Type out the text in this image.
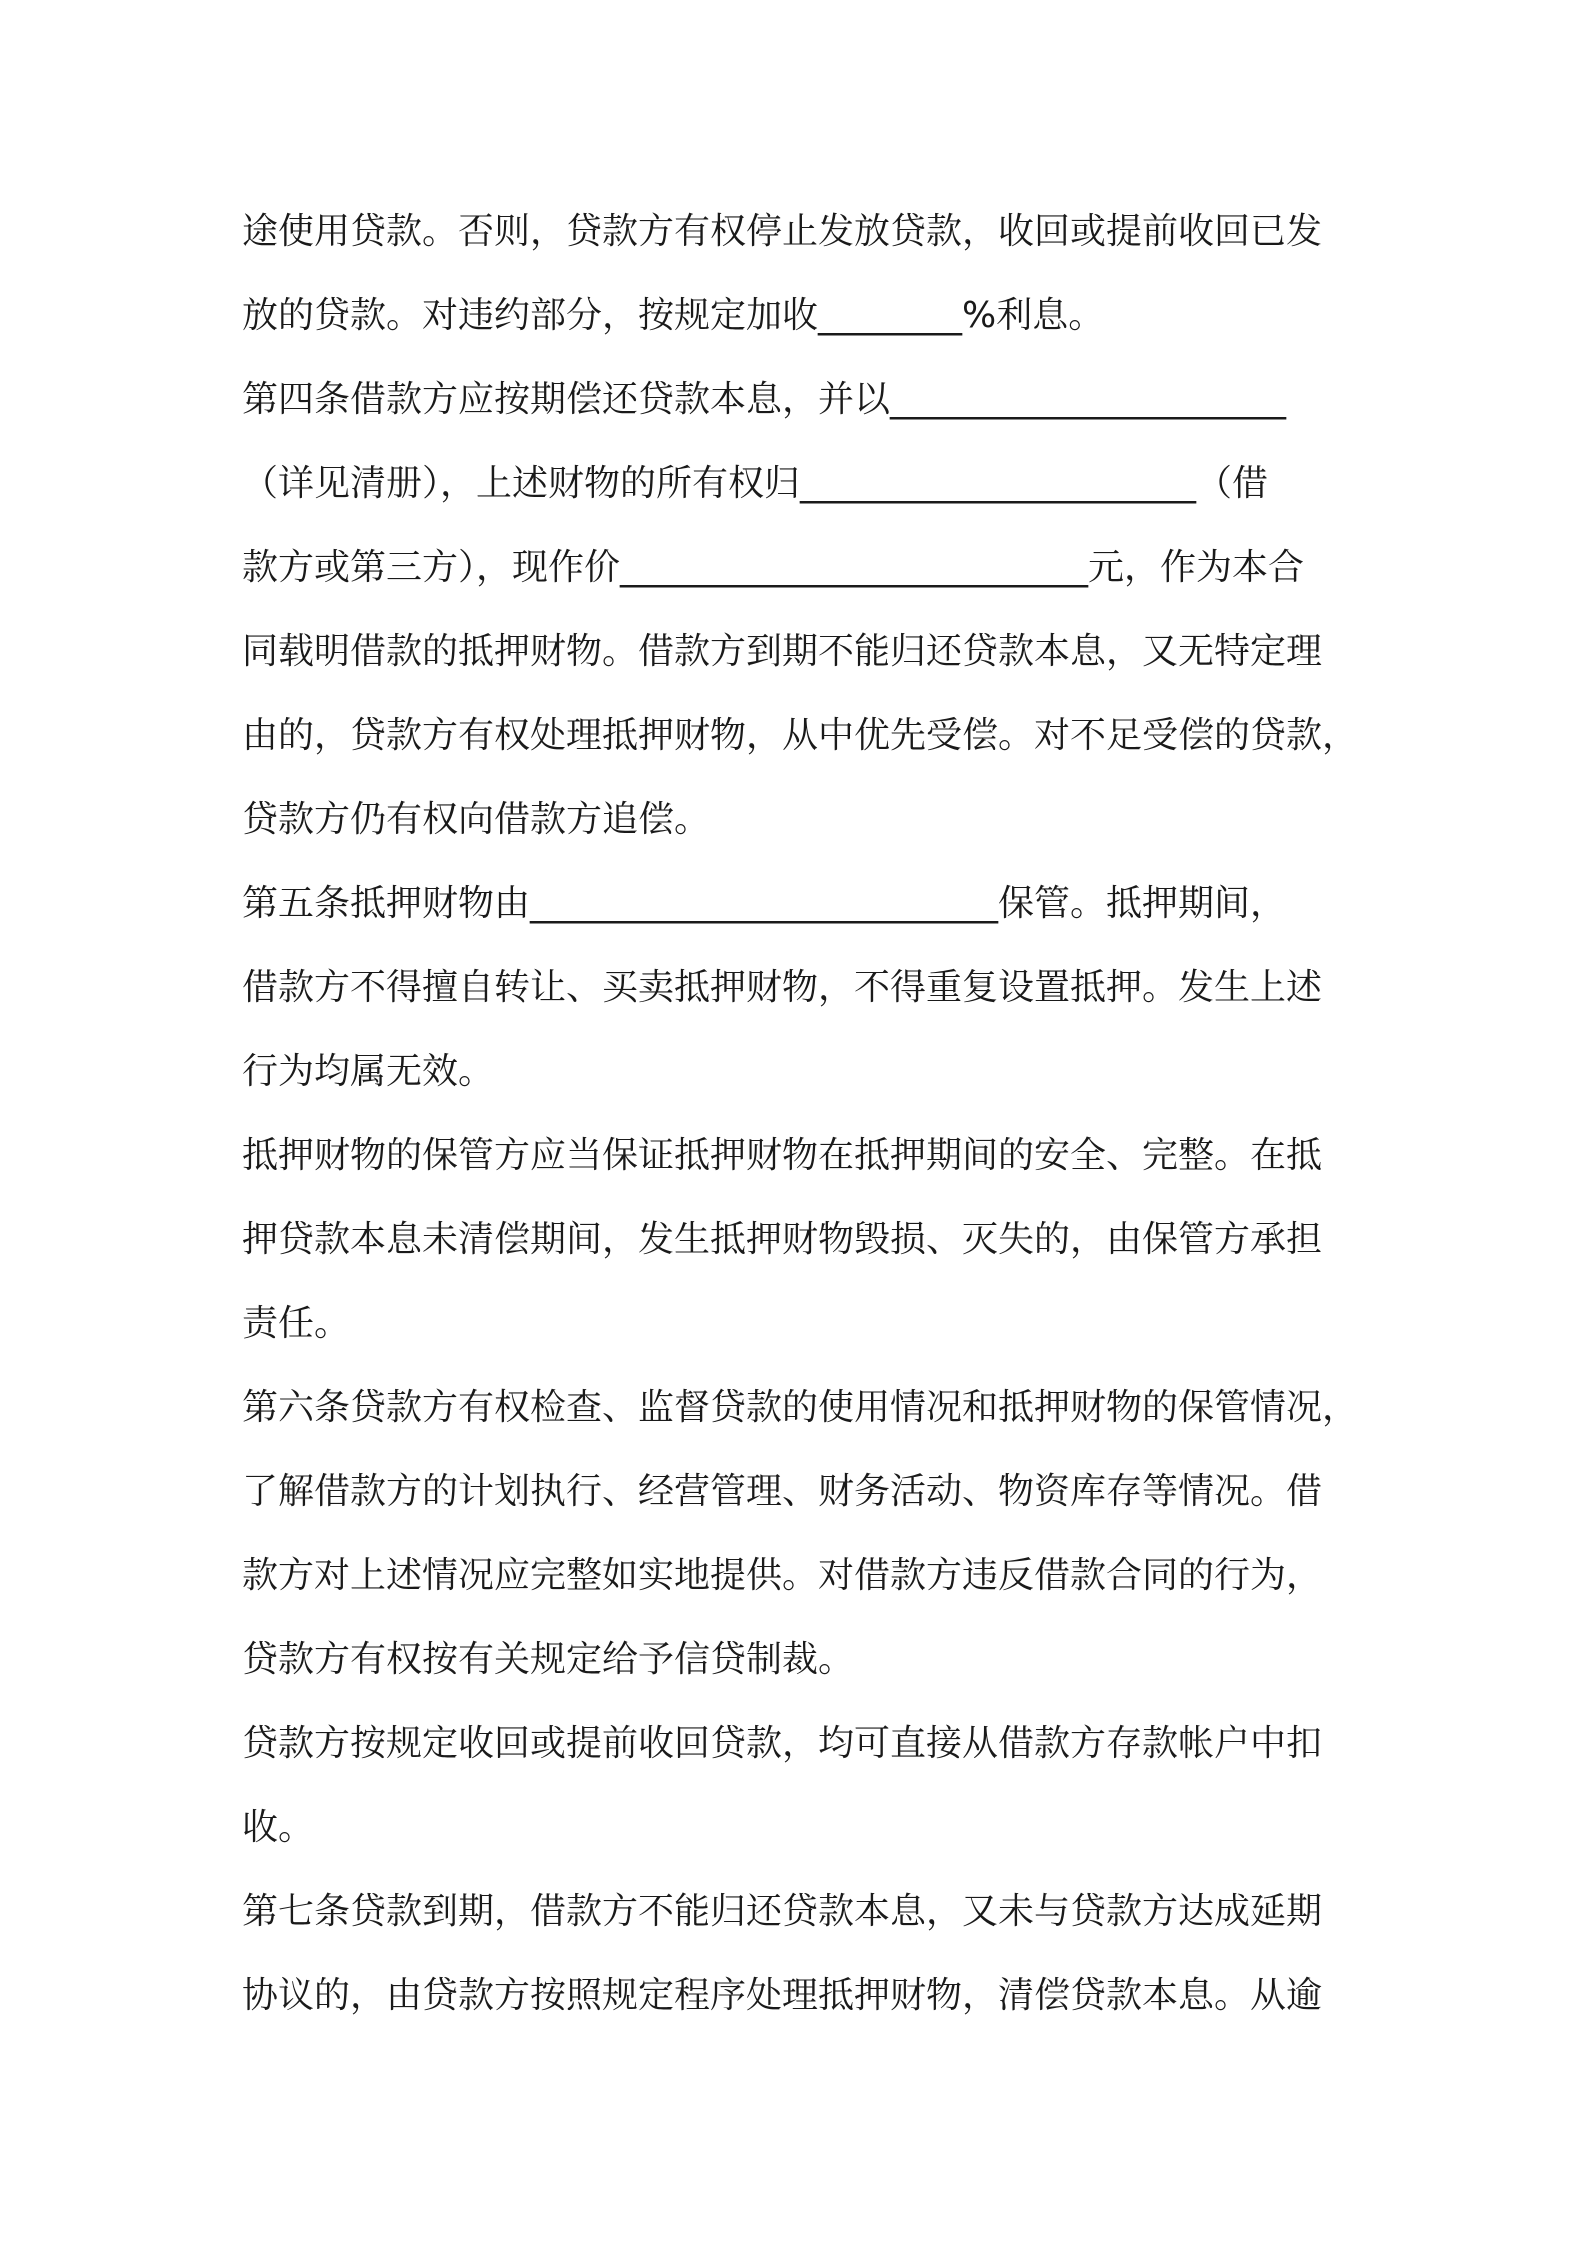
途使用贷款。否则，贷款方有权停止发放贷款，收回或提前收回已发
放的贷款。对违约部分，按规定加收________%利息。
第四条借款方应按期偿还贷款本息，并以______________________
（详见清册），上述财物的所有权归______________________（借
款方或第三方），现作价__________________________元，作为本合
同载明借款的抵押财物。借款方到期不能归还贷款本息，又无特定理
由的，贷款方有权处理抵押财物，从中优先受偿。对不足受偿的贷款，
贷款方仍有权向借款方追偿。
第五条抵押财物由__________________________保管。抵押期间，
借款方不得擅自转让、买卖抵押财物，不得重复设置抵押。发生上述
行为均属无效。
抵押财物的保管方应当保证抵押财物在抵押期间的安全、完整。在抵
押贷款本息未清偿期间，发生抵押财物毁损、灭失的，由保管方承担
责任。
第六条贷款方有权检查、监督贷款的使用情况和抵押财物的保管情况，
了解借款方的计划执行、经营管理、财务活动、物资库存等情况。借
款方对上述情况应完整如实地提供。对借款方违反借款合同的行为，
贷款方有权按有关规定给予信贷制裁。
贷款方按规定收回或提前收回贷款，均可直接从借款方存款帐户中扣
收。
第七条贷款到期，借款方不能归还贷款本息，又未与贷款方达成延期
协议的，由贷款方按照规定程序处理抵押财物，清偿贷款本息。从逾
